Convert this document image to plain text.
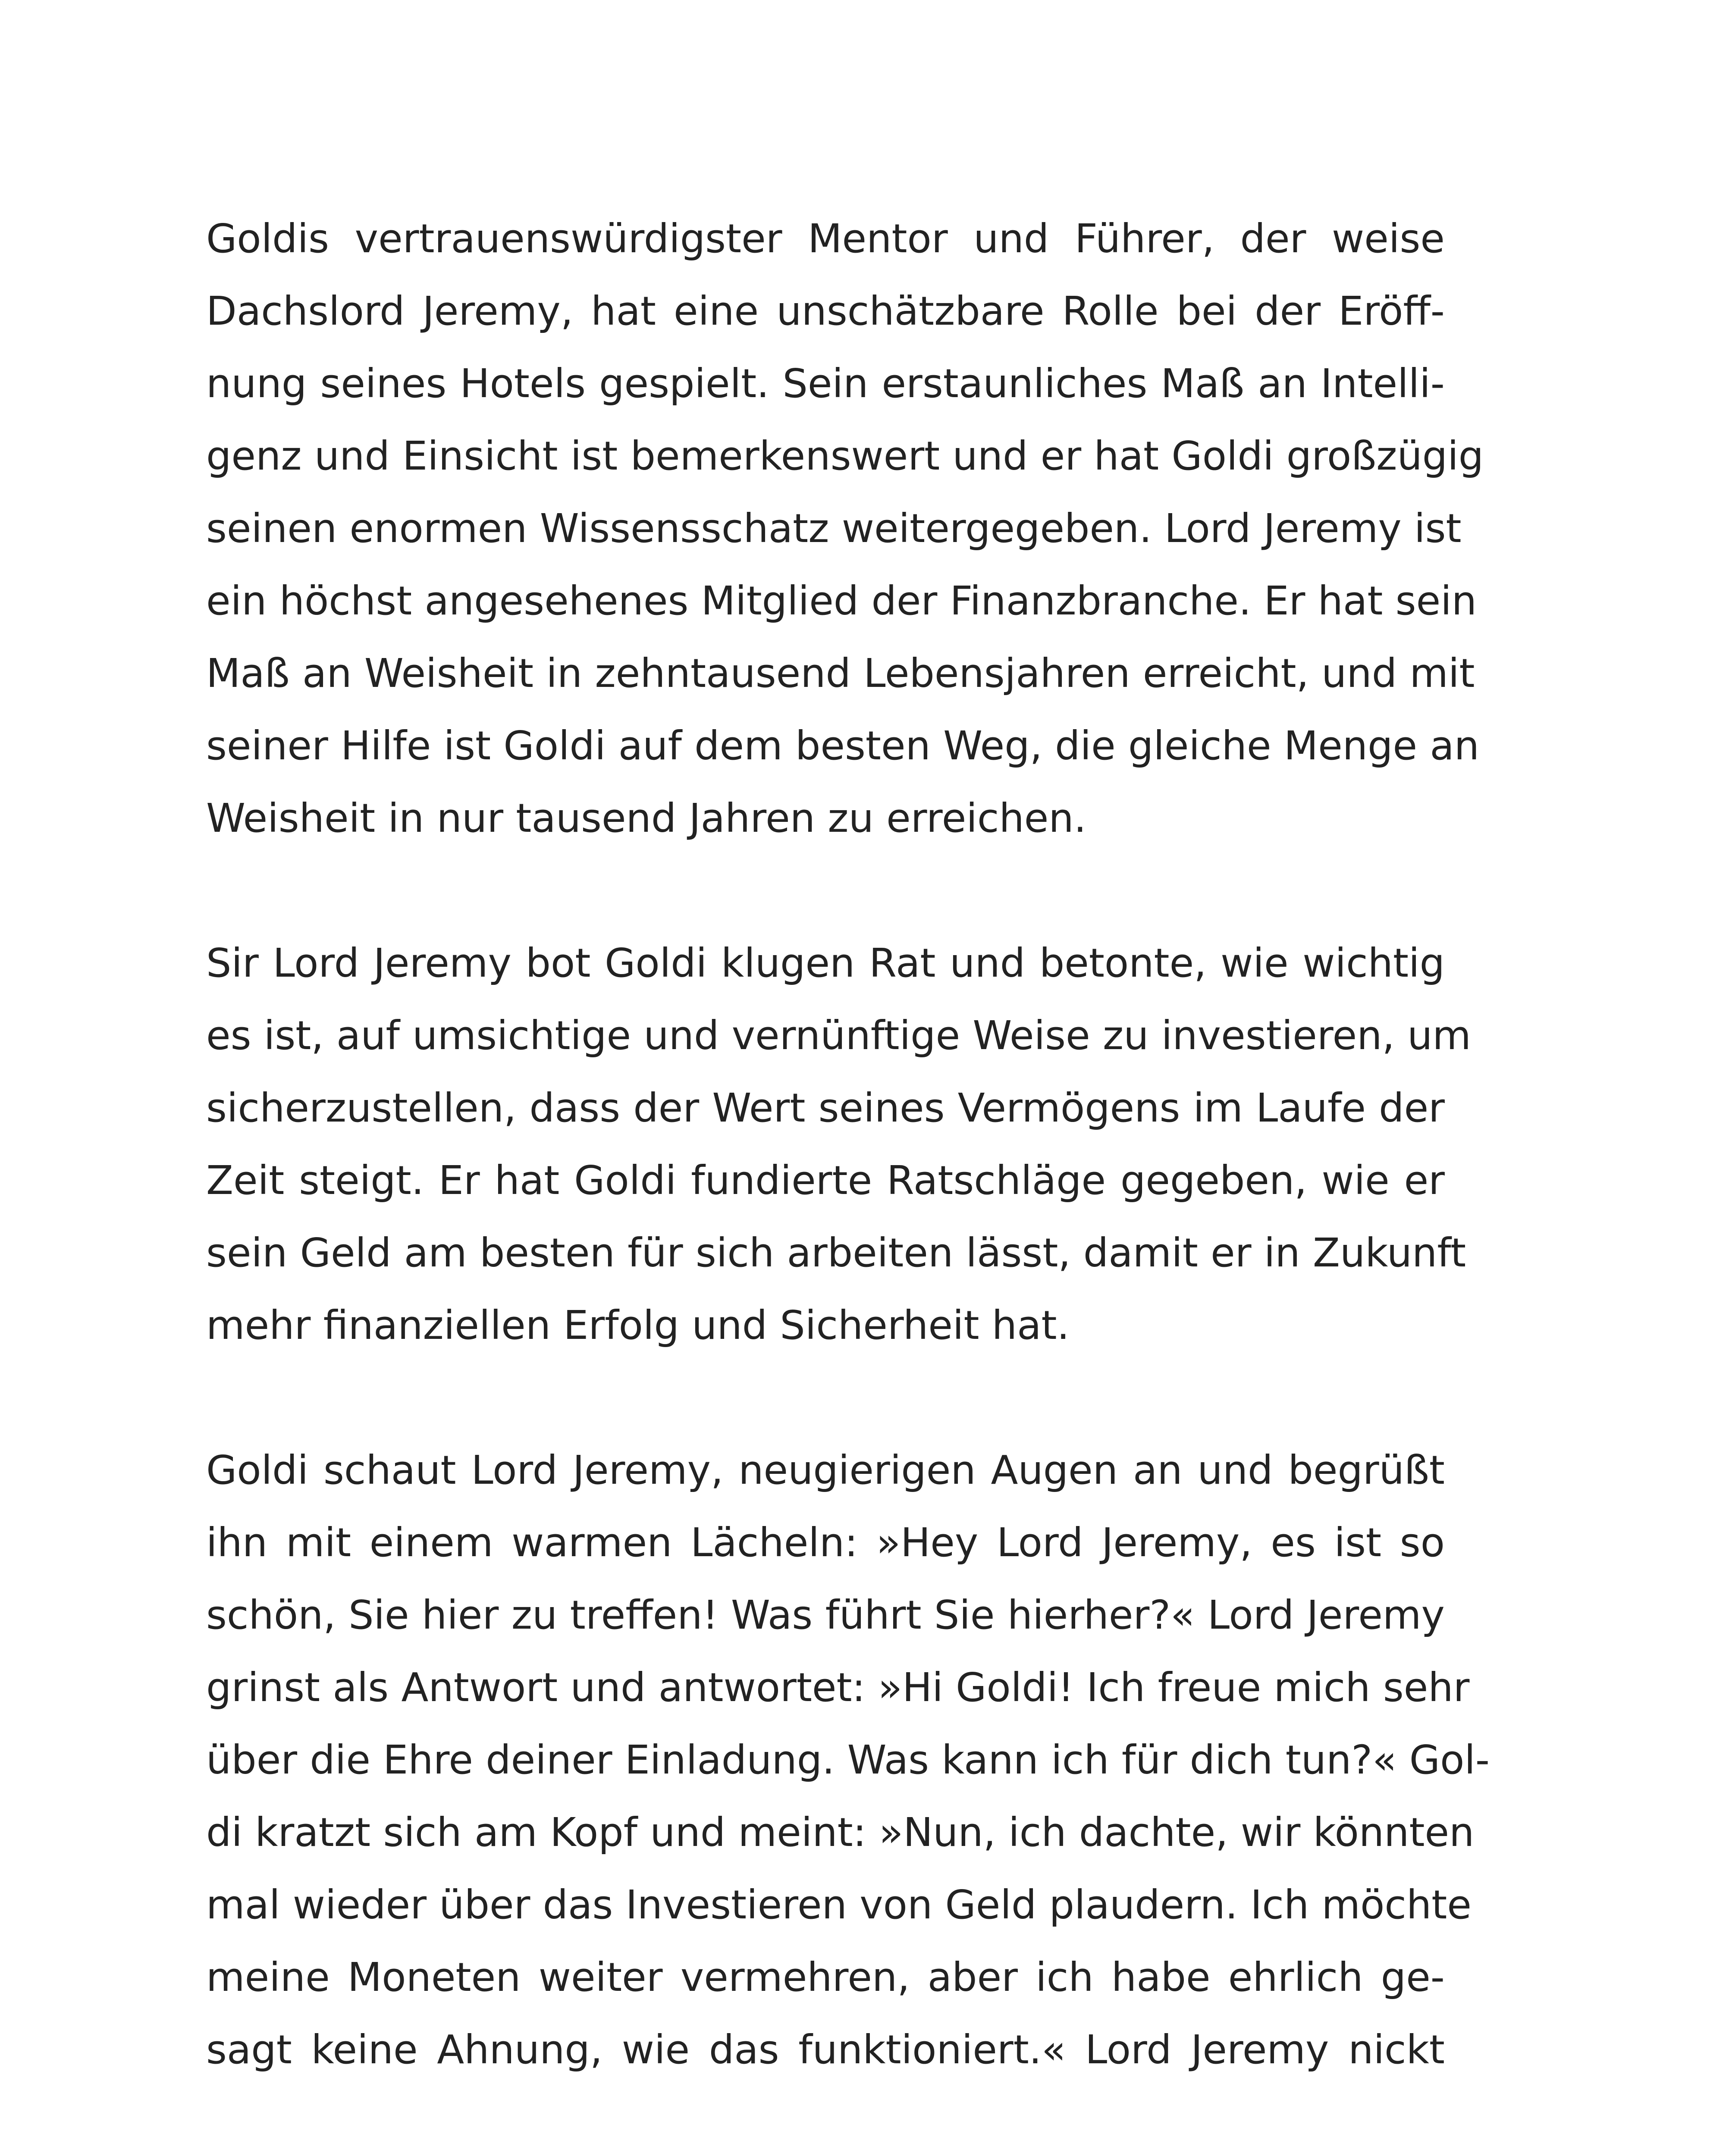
Goldis vertrauenswürdigster Mentor und Führer, der weise
Dachslord Jeremy, hat eine unschätzbare Rolle bei der Eröff-
nung seines Hotels gespielt. Sein erstaunliches Maß an Intelli-
genz und Einsicht ist bemerkenswert und er hat Goldi großzügig
seinen enormen Wissensschatz weitergegeben. Lord Jeremy ist
ein höchst angesehenes Mitglied der Finanzbranche. Er hat sein
Maß an Weisheit in zehntausend Lebensjahren erreicht, und mit
seiner Hilfe ist Goldi auf dem besten Weg, die gleiche Menge an
Weisheit in nur tausend Jahren zu erreichen.
Sir Lord Jeremy bot Goldi klugen Rat und betonte, wie wichtig
es ist, auf umsichtige und vernünftige Weise zu investieren, um
sicherzustellen, dass der Wert seines Vermögens im Laufe der
Zeit steigt. Er hat Goldi fundierte Ratschläge gegeben, wie er
sein Geld am besten für sich arbeiten lässt, damit er in Zukunft
mehr finanziellen Erfolg und Sicherheit hat.
Goldi schaut Lord Jeremy, neugierigen Augen an und begrüßt
ihn mit einem warmen Lächeln: »Hey Lord Jeremy, es ist so
schön, Sie hier zu treffen! Was führt Sie hierher?« Lord Jeremy
grinst als Antwort und antwortet: »Hi Goldi! Ich freue mich sehr
über die Ehre deiner Einladung. Was kann ich für dich tun?« Gol-
di kratzt sich am Kopf und meint: »Nun, ich dachte, wir könnten
mal wieder über das Investieren von Geld plaudern. Ich möchte
meine Moneten weiter vermehren, aber ich habe ehrlich ge-
sagt keine Ahnung, wie das funktioniert.« Lord Jeremy nickt
